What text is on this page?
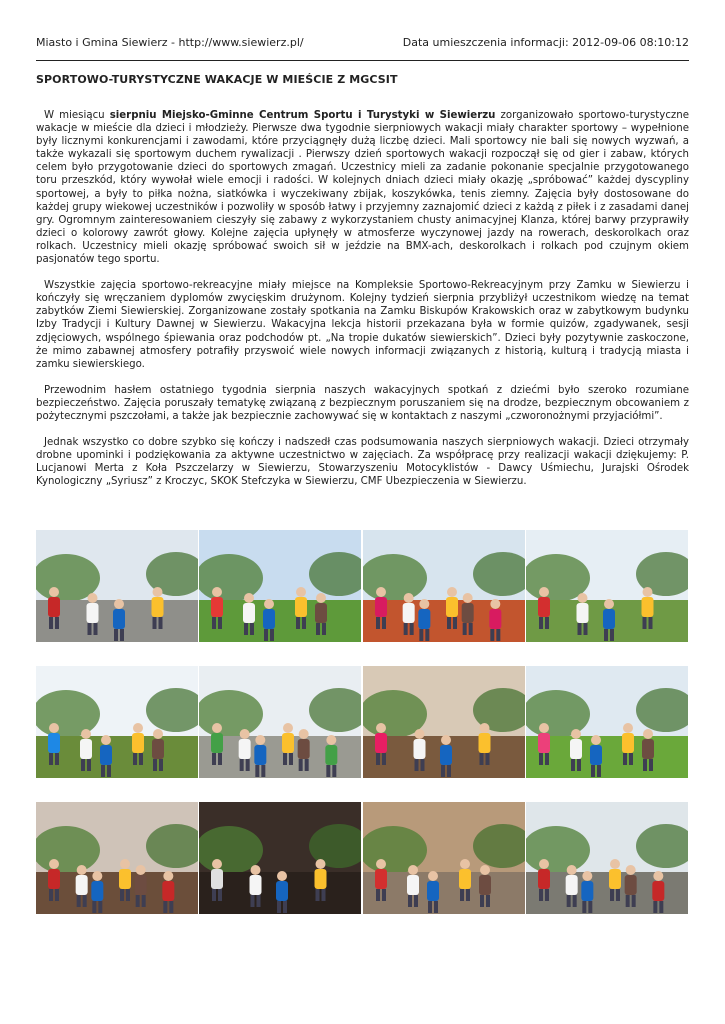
Miasto i Gmina Siewierz - http://www.siewierz.pl/	Data umieszczenia informacji: 2012-09-06 08:10:12
SPORTOWO-TURYSTYCZNE WAKACJE W MIEŚCIE Z MGCSIT

W miesiącu sierpniu Miejsko-Gminne Centrum Sportu i Turystyki w Siewierzu zorganizowało sportowo-turystyczne wakacje w mieście dla dzieci i młodzieży. Pierwsze dwa tygodnie sierpniowych wakacji miały charakter sportowy – wypełnione były licznymi konkurencjami i zawodami, które przyciągnęły dużą liczbę dzieci. Mali sportowcy nie bali się nowych wyzwań, a także wykazali się sportowym duchem rywalizacji . Pierwszy dzień sportowych wakacji rozpoczął się od gier i zabaw, których celem było przygotowanie dzieci do sportowych zmagań. Uczestnicy mieli za zadanie pokonanie specjalnie przygotowanego toru przeszkód, który wywołał wiele emocji i radości. W kolejnych dniach dzieci miały okazję „spróbować” każdej dyscypliny sportowej, a były to piłka nożna, siatkówka i wyczekiwany zbijak, koszykówka, tenis ziemny. Zajęcia były dostosowane do każdej grupy wiekowej uczestników i pozwoliły w sposób łatwy i przyjemny zaznajomić dzieci z każdą z piłek i z zasadami danej gry. Ogromnym zainteresowaniem cieszyły się zabawy z wykorzystaniem chusty animacyjnej Klanza, której barwy przyprawiły dzieci o kolorowy zawrót głowy. Kolejne zajęcia upłynęły w atmosferze wyczynowej jazdy na rowerach, deskorolkach oraz rolkach. Uczestnicy mieli okazję spróbować swoich sił w jeździe na BMX-ach, deskorolkach i rolkach pod czujnym okiem pasjonatów tego sportu.

Wszystkie zajęcia sportowo-rekreacyjne miały miejsce na Kompleksie Sportowo-Rekreacyjnym przy Zamku w Siewierzu i kończyły się wręczaniem dyplomów zwycięskim drużynom. Kolejny tydzień sierpnia przybliżył uczestnikom wiedzę na temat zabytków Ziemi Siewierskiej. Zorganizowane zostały spotkania na Zamku Biskupów Krakowskich oraz w zabytkowym budynku Izby Tradycji i Kultury Dawnej w Siewierzu. Wakacyjna lekcja historii przekazana była w formie quizów, zgadywanek, sesji zdjęciowych, wspólnego śpiewania oraz podchodów pt. „Na tropie dukatów siewierskich”. Dzieci były pozytywnie zaskoczone, że mimo zabawnej atmosfery potrafiły przyswoić wiele nowych informacji związanych z historią, kulturą i tradycją miasta i zamku siewierskiego.

Przewodnim hasłem ostatniego tygodnia sierpnia naszych wakacyjnych spotkań z dziećmi było szeroko rozumiane bezpieczeństwo. Zajęcia poruszały tematykę związaną z bezpiecznym poruszaniem się na drodze, bezpiecznym obcowaniem z pożytecznymi pszczołami, a także jak bezpiecznie zachowywać się w kontaktach z naszymi „czworonożnymi przyjaciółmi”.

Jednak wszystko co dobre szybko się kończy i nadszedł czas podsumowania naszych sierpniowych wakacji. Dzieci otrzymały drobne upominki i podziękowania za aktywne uczestnictwo w zajęciach. Za współpracę przy realizacji wakacji dziękujemy: P. Lucjanowi Merta z Koła Pszczelarzy w Siewierzu, Stowarzyszeniu Motocyklistów - Dawcy Uśmiechu, Jurajski Ośrodek Kynologiczny „Syriusz” z Kroczyc, SKOK Stefczyka w Siewierzu, CMF Ubezpieczenia w Siewierzu.
